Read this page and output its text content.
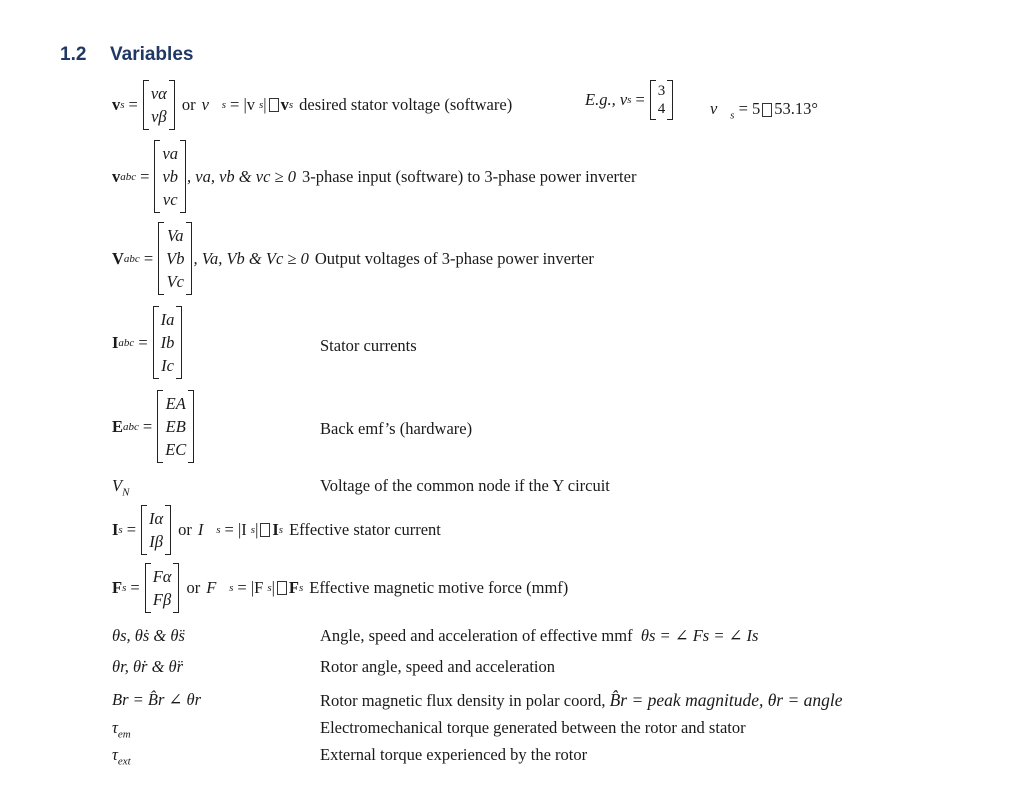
1.2 Variables
v s =
vα
vβ
or v⃗ s = |v s | v s desired stator voltage (software)	E.g., v s = 3
4	$v⃗_s = 5$ 53.13°
v abc =
va
vb
vc
, va, vb & vc ≥ 0 3-phase input (software) to 3-phase power inverter
V abc =
Va
Vb
Vc
, Va, Vb & Vc ≥ 0 Output voltages of 3-phase power inverter
I abc =
Ia
Ib
Ic
Stator currents
E abc =
EA
EB
EC
Back emf’s (hardware)
$V_N$	Voltage of the common node if the Y circuit
I s =
Iα
Iβ
or I⃗ s = |I s | I s Effective stator current
F s =
Fα
Fβ
or F⃗ s = |F s | F s Effective magnetic motive force (mmf)
θs, θ̇s & θ̈s	Angle, speed and acceleration of effective mmf θs = ∠ Fs = ∠ Is
θr, θ̇r & θ̈r	Rotor angle, speed and acceleration
Br = B̂r ∠ θr	Rotor magnetic flux density in polar coord, B̂r = peak magnitude, θr = angle
$\tau_{em}$	Electromechanical torque generated between the rotor and stator
$\tau_{ext}$	External torque experienced by the rotor
